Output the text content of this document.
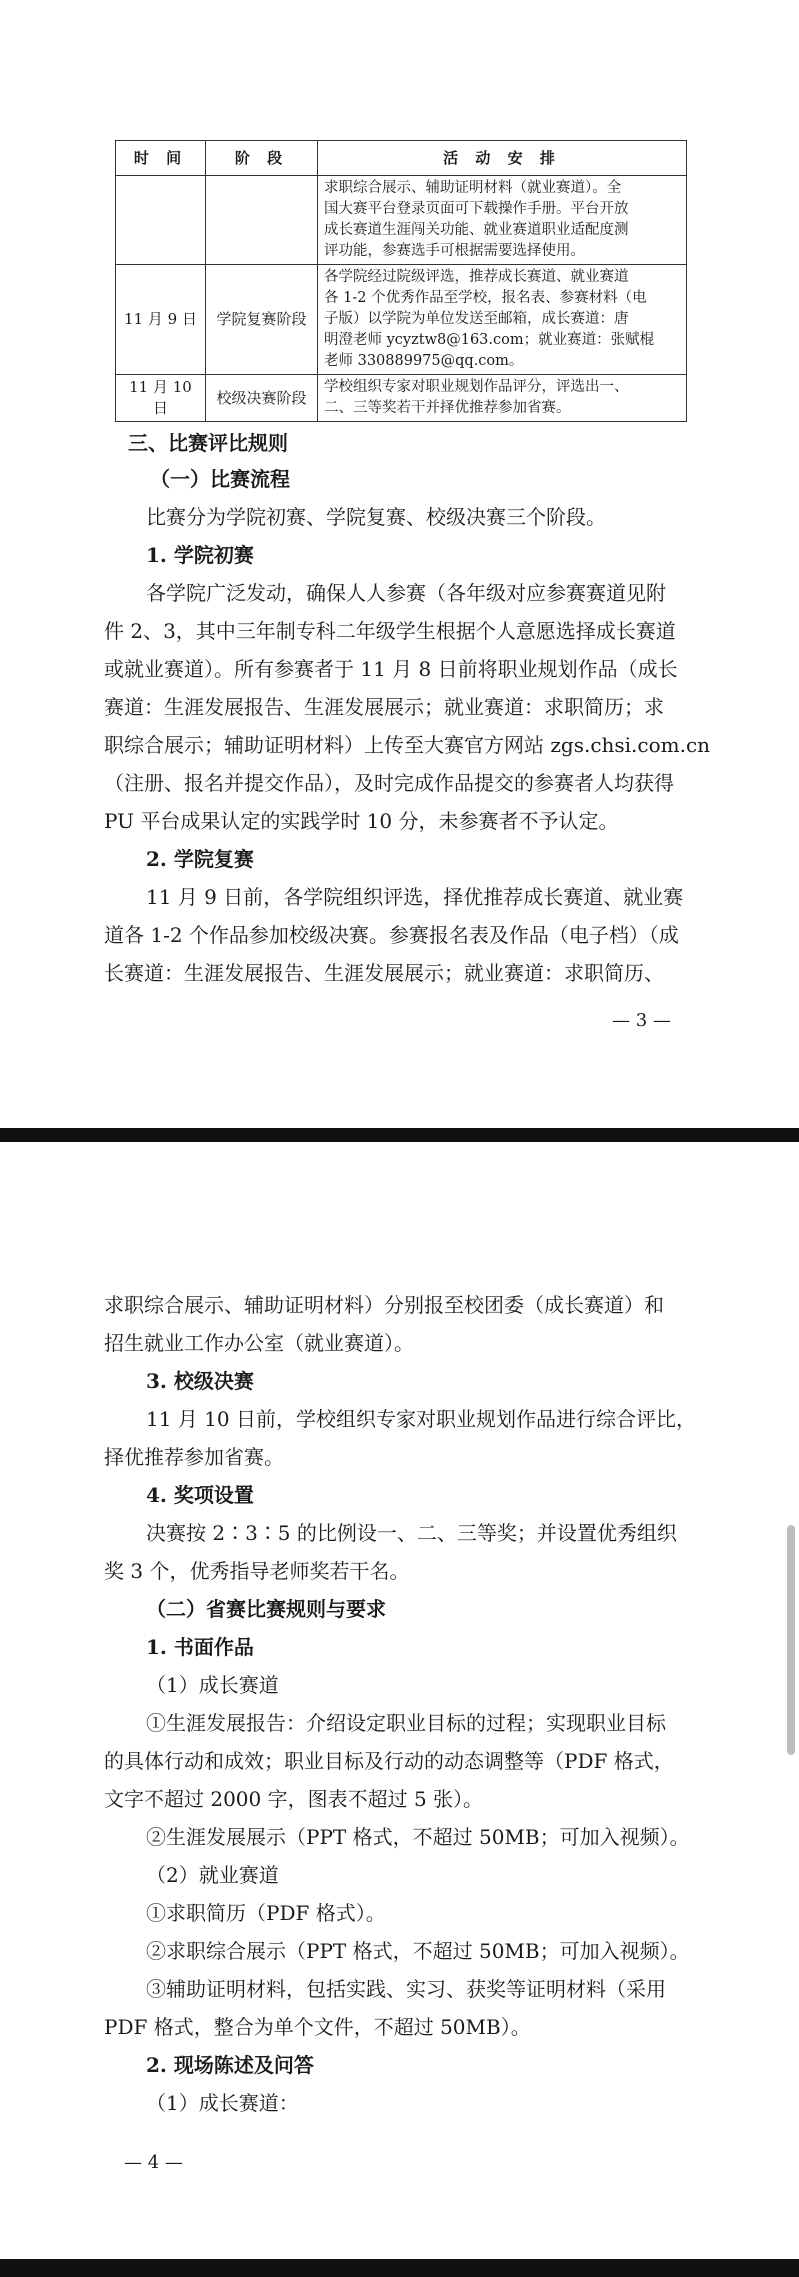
时 间	阶 段	活 动 安 排

		求职综合展示、辅助证明材料（就业赛道）。全
国大赛平台登录页面可下载操作手册。平台开放
成长赛道生涯闯关功能、就业赛道职业适配度测
评功能，参赛选手可根据需要选择使用。

11 月 9 日	学院复赛阶段	各学院经过院级评选，推荐成长赛道、就业赛道
各 1-2 个优秀作品至学校，报名表、参赛材料（电
子版）以学院为单位发送至邮箱，成长赛道：唐
明澄老师 ycyztw8@163.com；就业赛道：张赋棍
老师 330889975@qq.com。

11 月 10 日	校级决赛阶段	学校组织专家对职业规划作品评分，评选出一、
二、三等奖若干并择优推荐参加省赛。
三、比赛评比规则
（一）比赛流程
比赛分为学院初赛、学院复赛、校级决赛三个阶段。
1. 学院初赛
各学院广泛发动，确保人人参赛（各年级对应参赛赛道见附
件 2、3，其中三年制专科二年级学生根据个人意愿选择成长赛道
或就业赛道）。所有参赛者于 11 月 8 日前将职业规划作品（成长
赛道：生涯发展报告、生涯发展展示；就业赛道：求职简历；求
职综合展示；辅助证明材料）上传至大赛官方网站 zgs.chsi.com.cn
（注册、报名并提交作品），及时完成作品提交的参赛者人均获得
PU 平台成果认定的实践学时 10 分，未参赛者不予认定。
2. 学院复赛
11 月 9 日前，各学院组织评选，择优推荐成长赛道、就业赛
道各 1-2 个作品参加校级决赛。参赛报名表及作品（电子档）（成
长赛道：生涯发展报告、生涯发展展示；就业赛道：求职简历、
— 3 —
求职综合展示、辅助证明材料）分别报至校团委（成长赛道）和
招生就业工作办公室（就业赛道）。
3. 校级决赛
11 月 10 日前，学校组织专家对职业规划作品进行综合评比，
择优推荐参加省赛。
4. 奖项设置
决赛按 2∶3∶5 的比例设一、二、三等奖；并设置优秀组织
奖 3 个，优秀指导老师奖若干名。
（二）省赛比赛规则与要求
1. 书面作品
（1）成长赛道
①生涯发展报告：介绍设定职业目标的过程；实现职业目标
的具体行动和成效；职业目标及行动的动态调整等（PDF 格式，
文字不超过 2000 字，图表不超过 5 张）。
②生涯发展展示（PPT 格式，不超过 50MB；可加入视频）。
（2）就业赛道
①求职简历（PDF 格式）。
②求职综合展示（PPT 格式，不超过 50MB；可加入视频）。
③辅助证明材料，包括实践、实习、获奖等证明材料（采用
PDF 格式，整合为单个文件，不超过 50MB）。
2. 现场陈述及问答
（1）成长赛道：
— 4 —
